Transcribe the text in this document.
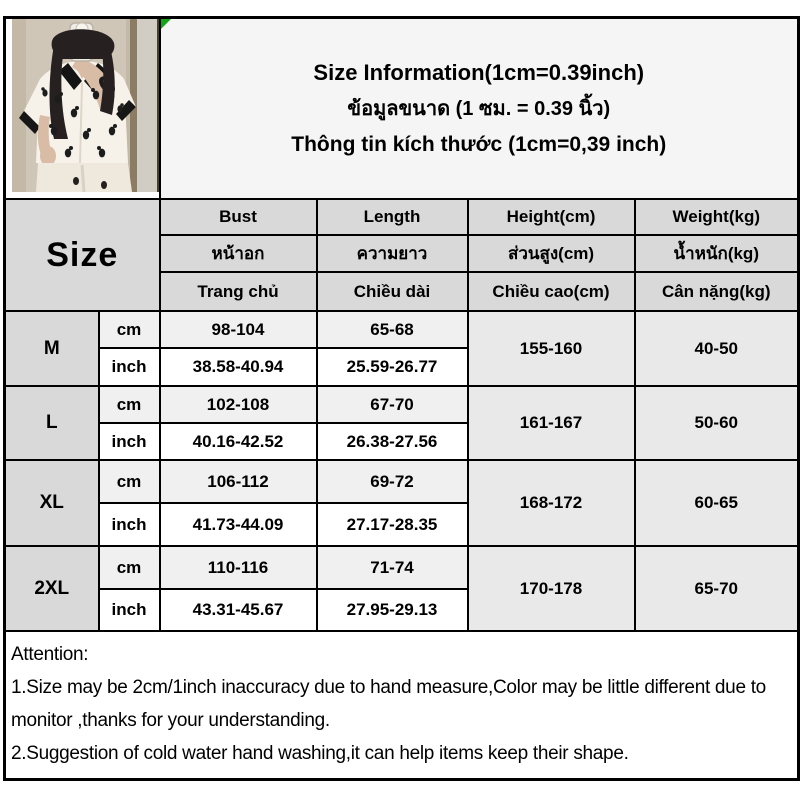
Size Information(1cm=0.39inch)
ข้อมูลขนาด (1 ซม. = 0.39 นิ้ว)
Thông tin kích thước (1cm=0,39 inch)			

Size		Bust	Length	Height(cm)	Weight(kg)
		หน้าอก	ความยาว	ส่วนสูง(cm)	น้ำหนัก(kg)
		Trang chủ	Chiều dài	Chiều cao(cm)	Cân nặng(kg)
M	cm	98-104	65-68	155-160	40-50
	inch	38.58-40.94	25.59-26.77		
L	cm	102-108	67-70	161-167	50-60
	inch	40.16-42.52	26.38-27.56		
XL	cm	106-112	69-72	168-172	60-65
	inch	41.73-44.09	27.17-28.35		
2XL	cm	110-116	71-74	170-178	65-70
	inch	43.31-45.67	27.95-29.13		

Attention:

1.Size may be 2cm/1inch inaccuracy due to hand measure,Color may be little different due to monitor ,thanks for your understanding.

2.Suggestion of cold water hand washing,it can help items keep their shape.					
